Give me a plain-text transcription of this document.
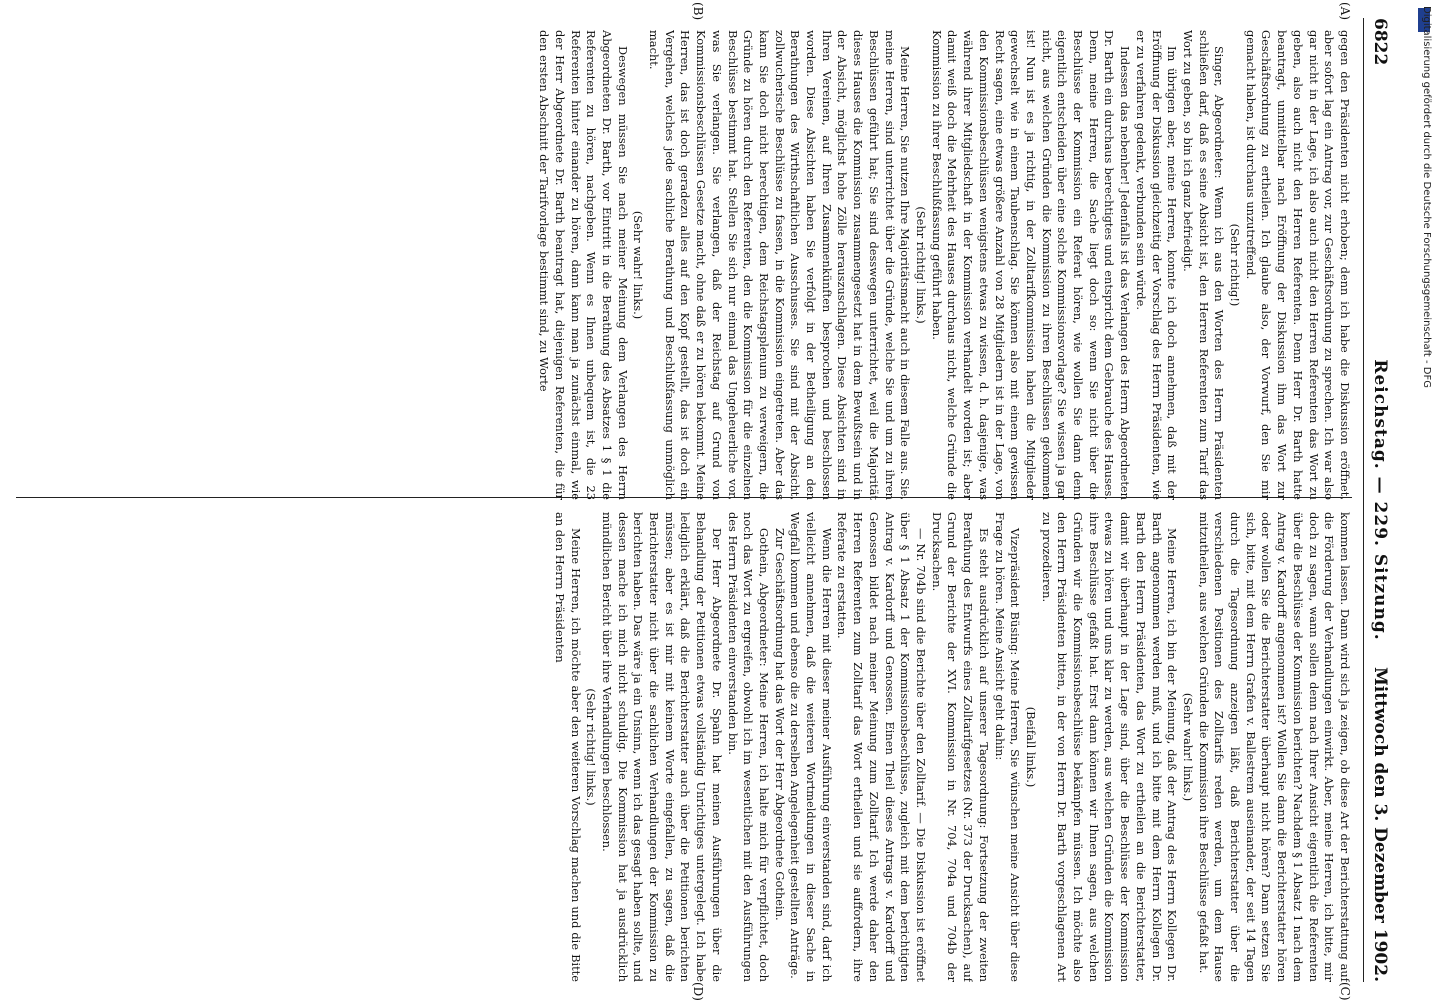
6822
Reichstag. — 229. Sitzung.
Mittwoch den 3. Dezember 1902.
(A)
(B)
(C)
(D)

gegen den Präsidenten nicht erhoben; denn ich habe die Diskussion eröffnet, aber sofort lag ein Antrag vor, zur Geschäftsordnung zu sprechen. Ich war also gar nicht in der Lage, ich also auch nicht den Herren Referenten das Wort zu geben, also auch nicht den Herren Referenten. Denn Herr Dr. Barth hatte beantragt, unmittelbar nach Eröffnung der Diskussion ihm das Wort zur Geschäftsordnung zu ertheilen. Ich glaube also, der Vorwurf, den Sie mir gemacht haben, ist durchaus unzutreffend.

(Sehr richtig!)

Singer, Abgeordneter: Wenn ich aus den Worten des Herrn Präsidenten schließen darf, daß es seine Absicht ist, den Herren Referenten zum Tarif das Wort zu geben, so bin ich ganz befriedigt.

Im übrigen aber, meine Herren, konnte ich doch annehmen, daß mit der Eröffnung der Diskussion gleichzeitig der Vorschlag des Herrn Präsidenten, wie er zu verfahren gedenkt, verbunden sein würde.

Indessen das nebenher! Jedenfalls ist das Verlangen des Herrn Abgeordneten Dr. Barth ein durchaus berechtigtes und entspricht dem Gebrauche des Hauses. Denn, meine Herren, die Sache liegt doch so: wenn Sie nicht über die Beschlüsse der Kommission ein Referat hören, wie wollen Sie dann denn eigentlich entscheiden über eine solche Kommissionsvorlage? Sie wissen ja gar nicht, aus welchen Gründen die Kommission zu ihren Beschlüssen gekommen ist! Nun ist es ja richtig, in der Zolltarifkommission haben die Mitglieder gewechselt wie in einem Taubenschlag. Sie können also mit einem gewissen Recht sagen, eine etwas größere Anzahl von 28 Mitgliedern ist in der Lage, von den Kommissionsbeschlüssen wenigstens etwas zu wissen, d. h. dasjenige, was während ihrer Mitgliedschaft in der Kommission verhandelt worden ist; aber damit weiß doch die Mehrheit des Hauses durchaus nicht, welche Gründe die Kommission zu ihrer Beschlußfassung geführt haben.

(Sehr richtig! links.)

Meine Herren, Sie nutzen Ihre Majoritätsmacht auch in diesem Falle aus. Sie, meine Herren, sind unterrichtet über die Gründe, welche Sie und um zu ihren Beschlüssen geführt hat; Sie sind desswegen unterrichtet, weil die Majorität dieses Hauses die Kommission zusammengesetzt hat in dem Bewußtsein und in der Absicht, möglichst hohe Zölle herauszuschlagen. Diese Absichten sind in Ihren Vereinen, auf Ihren Zusammenkünften besprochen und beschlossen worden. Diese Absichten haben Sie verfolgt in der Betheiligung an den Berathungen des Wirthschaftlichen Ausschusses. Sie sind mit der Absicht, zollwucherische Beschlüsse zu fassen, in die Kommission eingetreten. Aber das kann Sie doch nicht berechtigen, dem Reichstagsplenum zu verweigern, die Gründe zu hören durch den Referenten, den die Kommission für die einzelnen Beschlüsse bestimmt hat. Stellen Sie sich nur einmal das Ungeheuerliche vor, was Sie verlangen. Sie verlangen, daß der Reichstag auf Grund von Kommissionsbeschlüssen Gesetze macht, ohne daß er zu hören bekommt. Meine Herren, das ist doch geradezu alles auf den Kopf gestellt, das ist doch ein Vergehen, welches jede sachliche Berathung und Beschlußfassung unmöglich macht.

(Sehr wahr! links.)

Deswegen müssen Sie nach meiner Meinung dem Verlangen des Herrn Abgeordneten Dr. Barth, vor Eintritt in die Berathung des Absatzes 1 § 1 die Referenten zu hören, nachgeben. Wenn es Ihnen unbequem ist, die 23 Referenten hinter einander zu hören, dann kann man ja zunächst einmal, wie der Herr Abgeordnete Dr. Barth beantragt hat, diejenigen Referenten, die für den ersten Abschnitt der Tarifvorlage bestimmt sind, zu Worte

kommen lassen. Dann wird sich ja zeigen, ob diese Art der Berichterstattung auf die Förderung der Verhandlungen einwirkt. Aber, meine Herren, ich bitte, mir doch zu sagen, wann sollen denn nach Ihrer Ansicht eigentlich die Referenten über die Beschlüsse der Kommission berichten? Nachdem § 1 Absatz 1 nach dem Antrag v. Kardorff angenommen ist? Wollen Sie dann die Berichterstatter hören oder wollen Sie die Berichterstatter überhaupt nicht hören? Dann setzen Sie sich, bitte, mit dem Herrn Grafen v. Ballestrem auseinander, der seit 14 Tagen durch die Tagesordnung anzeigen läßt, daß Berichterstatter über die verschiedenen Positionen des Zolltarifs reden werden, um dem Hause mitzutheilen, aus welchen Gründen die Kommission ihre Beschlüsse gefaßt hat.

(Sehr wahr! links.)

Meine Herren, ich bin der Meinung, daß der Antrag des Herrn Kollegen Dr. Barth angenommen werden muß, und ich bitte mit dem Herrn Kollegen Dr. Barth den Herrn Präsidenten, das Wort zu ertheilen an die Berichterstatter, damit wir überhaupt in der Lage sind, über die Beschlüsse der Kommission etwas zu hören und uns klar zu werden, aus welchen Gründen die Kommission ihre Beschlüsse gefaßt hat. Erst dann können wir Ihnen sagen, aus welchen Gründen wir die Kommissionsbeschlüsse bekämpfen müssen. Ich möchte also den Herrn Präsidenten bitten, in der von Herrn Dr. Barth vorgeschlagenen Art zu prozedieren.

(Beifall links.)

Vizepräsident Büsing: Meine Herren, Sie wünschen meine Ansicht über diese Frage zu hören. Meine Ansicht geht dahin:

Es steht ausdrücklich auf unserer Tagesordnung: Fortsetzung der zweiten Berathung des Entwurfs eines Zolltarifgesetzes (Nr. 373 der Drucksachen), auf Grund der Berichte der XVI. Kommission in Nr. 704, 704a und 704b der Drucksachen.

— Nr. 704b sind die Berichte über den Zolltarif. — Die Diskussion ist eröffnet über § 1 Absatz 1 der Kommissionsbeschlüsse, zugleich mit dem berichtigten Antrag v. Kardorff und Genossen. Einen Theil dieses Antrags v. Kardorff und Genossen bildet nach meiner Meinung zum Zolltarif. Ich werde daher den Herren Referenten zum Zolltarif das Wort ertheilen und sie auffordern, ihre Referate zu erstatten.

Wenn die Herren mit dieser meiner Ausführung einverstanden sind, darf ich vielleicht annehmen, daß die weiteren Wortmeldungen in dieser Sache in Wegfall kommen und ebenso die zu derselben Angelegenheit gestellten Anträge.

Zur Geschäftsordnung hat das Wort der Herr Abgeordnete Gothein.

Gothein, Abgeordneter: Meine Herren, ich halte mich für verpflichtet, doch noch das Wort zu ergreifen, obwohl ich im wesentlichen mit den Ausführungen des Herrn Präsidenten einverstanden bin.

Der Herr Abgeordnete Dr. Spahn hat meinen Ausführungen über die Behandlung der Petitionen etwas vollständig Unrichtiges untergelegt. Ich habe lediglich erklärt, daß die Berichterstatter auch über die Petitionen berichten müssen; aber es ist mir mit keinem Worte eingefallen, zu sagen, daß die Berichterstatter nicht über die sachlichen Verhandlungen der Kommission zu berichten haben. Das wäre ja ein Unsinn, wenn ich das gesagt haben sollte, und dessen mache ich mich nicht schuldig. Die Kommission hat ja ausdrücklich mündlichen Bericht über ihre Verhandlungen beschlossen.

(Sehr richtig! links.)

Meine Herren, ich möchte aber den weiteren Vorschlag machen und die Bitte an den Herrn Präsidenten

Digitalisierung gefördert durch die Deutsche Forschungsgemeinschaft - DFG
